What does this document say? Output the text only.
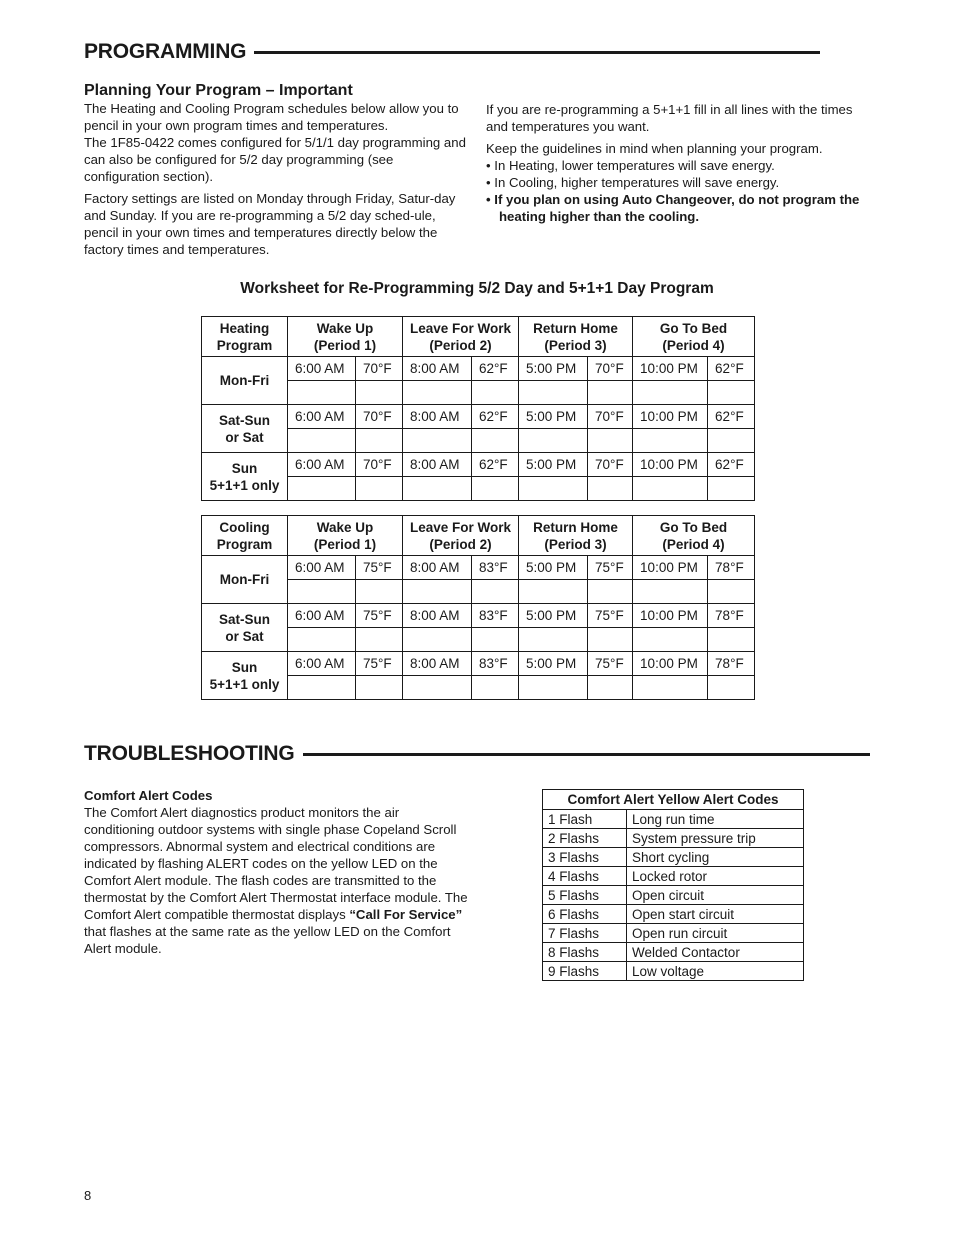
PROGRAMMING
Planning Your Program – Important

The Heating and Cooling Program schedules below allow you to pencil in your own program times and temperatures.

The 1F85-0422 comes configured for 5/1/1 day programming and can also be configured for 5/2 day programming (see configuration section).

Factory settings are listed on Monday through Friday, Satur-day and Sunday. If you are re-programming a 5/2 day sched-ule, pencil in your own times and temperatures directly below the factory times and temperatures.

If you are re-programming a 5+1+1 fill in all lines with the times and temperatures you want.

Keep the guidelines in mind when planning your program.

• In Heating, lower temperatures will save energy.
• In Cooling, higher temperatures will save energy.
• If you plan on using Auto Changeover, do not program the heating higher than the cooling.
Worksheet for Re-Programming 5/2 Day and 5+1+1 Day Program
Heating
Program	Wake Up
(Period 1)		Leave For Work
(Period 2)		Return Home
(Period 3)		Go To Bed
(Period 4)	
Mon-Fri	6:00 AM	70°F	8:00 AM	62°F	5:00 PM	70°F	10:00 PM	62°F

Sat-Sun
or Sat	6:00 AM	70°F	8:00 AM	62°F	5:00 PM	70°F	10:00 PM	62°F

Sun
5+1+1 only	6:00 AM	70°F	8:00 AM	62°F	5:00 PM	70°F	10:00 PM	62°F

Cooling
Program	Wake Up
(Period 1)		Leave For Work
(Period 2)		Return Home
(Period 3)		Go To Bed
(Period 4)	
Mon-Fri	6:00 AM	75°F	8:00 AM	83°F	5:00 PM	75°F	10:00 PM	78°F

Sat-Sun
or Sat	6:00 AM	75°F	8:00 AM	83°F	5:00 PM	75°F	10:00 PM	78°F

Sun
5+1+1 only	6:00 AM	75°F	8:00 AM	83°F	5:00 PM	75°F	10:00 PM	78°F

TROUBLESHOOTING
Comfort Alert Codes

The Comfort Alert diagnostics product monitors the air conditioning outdoor systems with single phase Copeland Scroll compressors. Abnormal system and electrical conditions are indicated by flashing ALERT codes on the yellow LED on the Comfort Alert module. The flash codes are transmitted to the thermostat by the Comfort Alert Thermostat interface module. The Comfort Alert compatible thermostat displays “Call For Service” that flashes at the same rate as the yellow LED on the Comfort Alert module.

Comfort Alert Yellow Alert Codes	
1 Flash	Long run time
2 Flashs	System pressure trip
3 Flashs	Short cycling
4 Flashs	Locked rotor
5 Flashs	Open circuit
6 Flashs	Open start circuit
7 Flashs	Open run circuit
8 Flashs	Welded Contactor
9 Flashs	Low voltage
8
